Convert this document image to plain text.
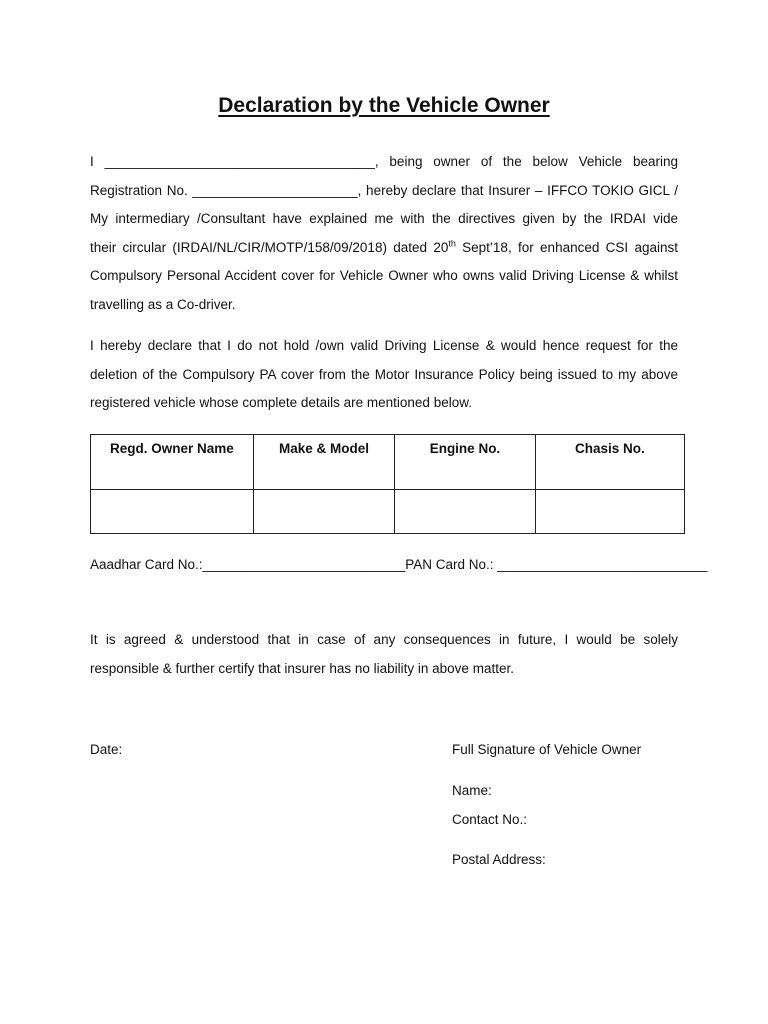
Declaration by the Vehicle Owner
I ____________________________________, being owner of the below Vehicle bearing
Registration No. ______________________, hereby declare that Insurer – IFFCO TOKIO GICL /
My intermediary /Consultant have explained me with the directives given by the IRDAI vide
their circular (IRDAI/NL/CIR/MOTP/158/09/2018) dated 20th Sept’18, for enhanced CSI against
Compulsory Personal Accident cover for Vehicle Owner who owns valid Driving License & whilst
travelling as a Co-driver.
I hereby declare that I do not hold /own valid Driving License & would hence request for the
deletion of the Compulsory PA cover from the Motor Insurance Policy being issued to my above
registered vehicle whose complete details are mentioned below.
Regd. Owner Name	Make & Model	Engine No.	Chasis No.

Aaadhar Card No.:___________________________PAN Card No.: ____________________________
It is agreed & understood that in case of any consequences in future, I would be solely
responsible & further certify that insurer has no liability in above matter.
Date:	Full Signature of Vehicle Owner
Name:
Contact No.:
Postal Address:
